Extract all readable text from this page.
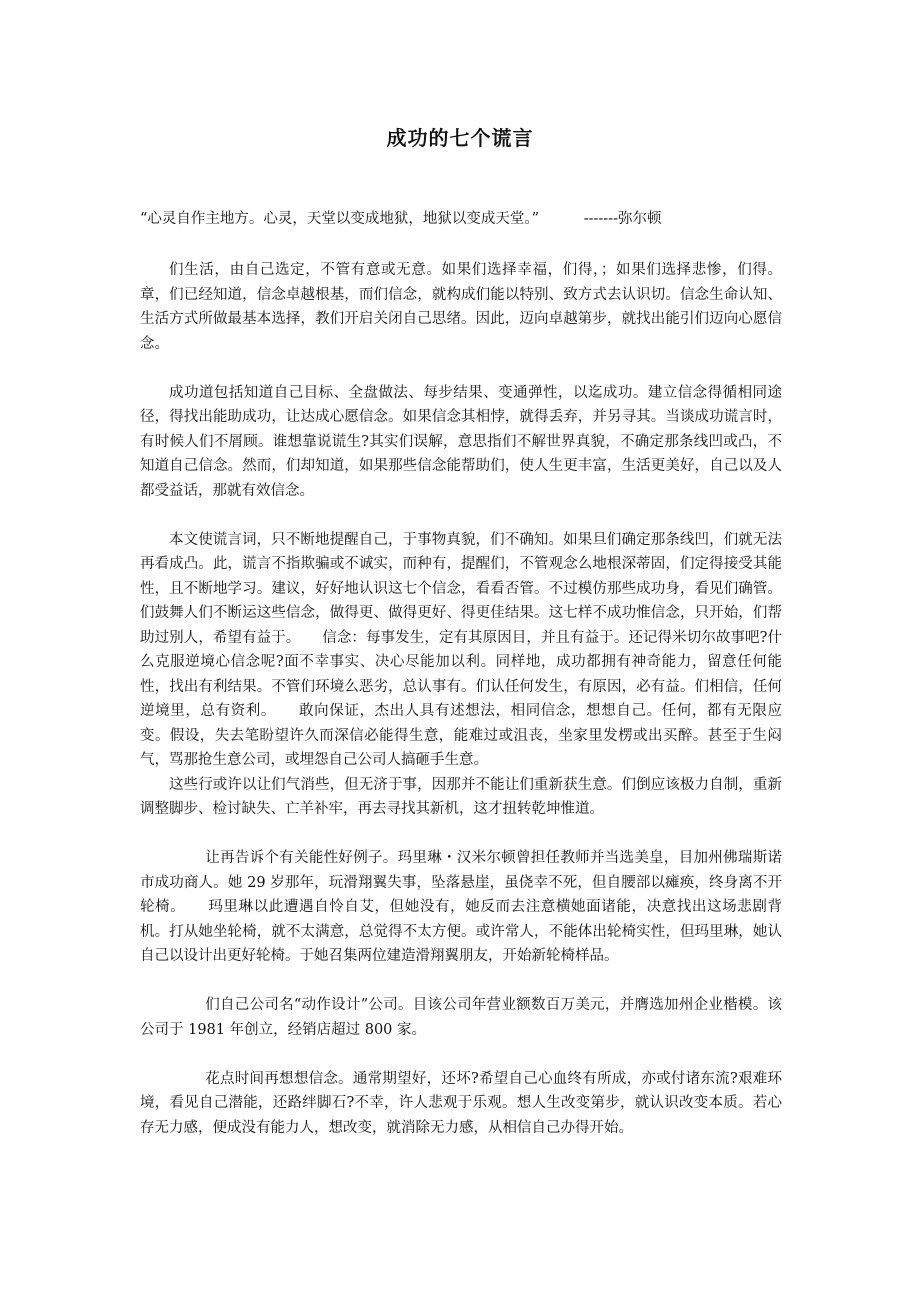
成功的七个谎言

“心灵自作主地方。心灵，天堂以变成地狱，地狱以变成天堂。”	-------弥尔顿

们生活，由自己选定，不管有意或无意。如果们选择幸福，们得，；如果们选择悲惨，们得。章，们已经知道，信念卓越根基，而们信念，就构成们能以特别、致方式去认识切。信念生命认知、生活方式所做最基本选择，教们开启关闭自己思绪。因此，迈向卓越第步，就找出能引们迈向心愿信念。

成功道包括知道自己目标、全盘做法、每步结果、变通弹性，以迄成功。建立信念得循相同途径，得找出能助成功，让达成心愿信念。如果信念其相悖，就得丢弃，并另寻其。当谈成功谎言时，有时候人们不屑顾。谁想靠说谎生?其实们误解，意思指们不解世界真貌，不确定那条线凹或凸，不知道自己信念。然而，们却知道，如果那些信念能帮助们，使人生更丰富，生活更美好，自己以及人都受益话，那就有效信念。

本文使谎言词，只不断地提醒自己，于事物真貌，们不确知。如果旦们确定那条线凹，们就无法再看成凸。此，谎言不指欺骗或不诚实，而种有，提醒们，不管观念么地根深蒂固，们定得接受其能性，且不断地学习。建议，好好地认识这七个信念，看看否管。不过模仿那些成功身，看见们确管。们鼓舞人们不断运这些信念，做得更、做得更好、得更佳结果。这七样不成功惟信念，只开始，们帮助过别人，希望有益于。　　信念：每事发生，定有其原因目，并且有益于。还记得米切尔故事吧?什么克服逆境心信念呢?面不幸事实、决心尽能加以利。同样地，成功都拥有神奇能力，留意任何能性，找出有利结果。不管们环境么恶劣，总认事有。们认任何发生，有原因，必有益。们相信，任何逆境里，总有资利。　　敢向保证，杰出人具有述想法，相同信念，想想自己。任何，都有无限应变。假设，失去笔盼望许久而深信必能得生意，能难过或沮丧，坐家里发楞或出买醉。甚至于生闷气，骂那抢生意公司，或埋怨自己公司人搞砸手生意。

这些行或许以让们气消些，但无济于事，因那并不能让们重新获生意。们倒应该极力自制，重新调整脚步、检讨缺失、亡羊补牢，再去寻找其新机，这才扭转乾坤惟道。

让再告诉个有关能性好例子。玛里琳・汉米尔顿曾担任教师并当选美皇，目加州佛瑞斯诺市成功商人。她 29 岁那年，玩滑翔翼失事，坠落悬崖，虽侥幸不死，但自腰部以瘫痪，终身离不开轮椅。　　玛里琳以此遭遇自怜自艾，但她没有，她反而去注意横她面诸能，决意找出这场悲剧背机。打从她坐轮椅，就不太满意，总觉得不太方便。或许常人，不能体出轮椅实性，但玛里琳，她认自己以设计出更好轮椅。于她召集两位建造滑翔翼朋友，开始新轮椅样品。

们自己公司名“动作设计”公司。目该公司年营业额数百万美元，并膺选加州企业楷模。该公司于 1981 年创立，经销店超过 800 家。

花点时间再想想信念。通常期望好，还坏?希望自己心血终有所成，亦或付诸东流?艰难环境，看见自己潜能，还路绊脚石?不幸，许人悲观于乐观。想人生改变第步，就认识改变本质。若心存无力感，便成没有能力人，想改变，就消除无力感，从相信自己办得开始。
